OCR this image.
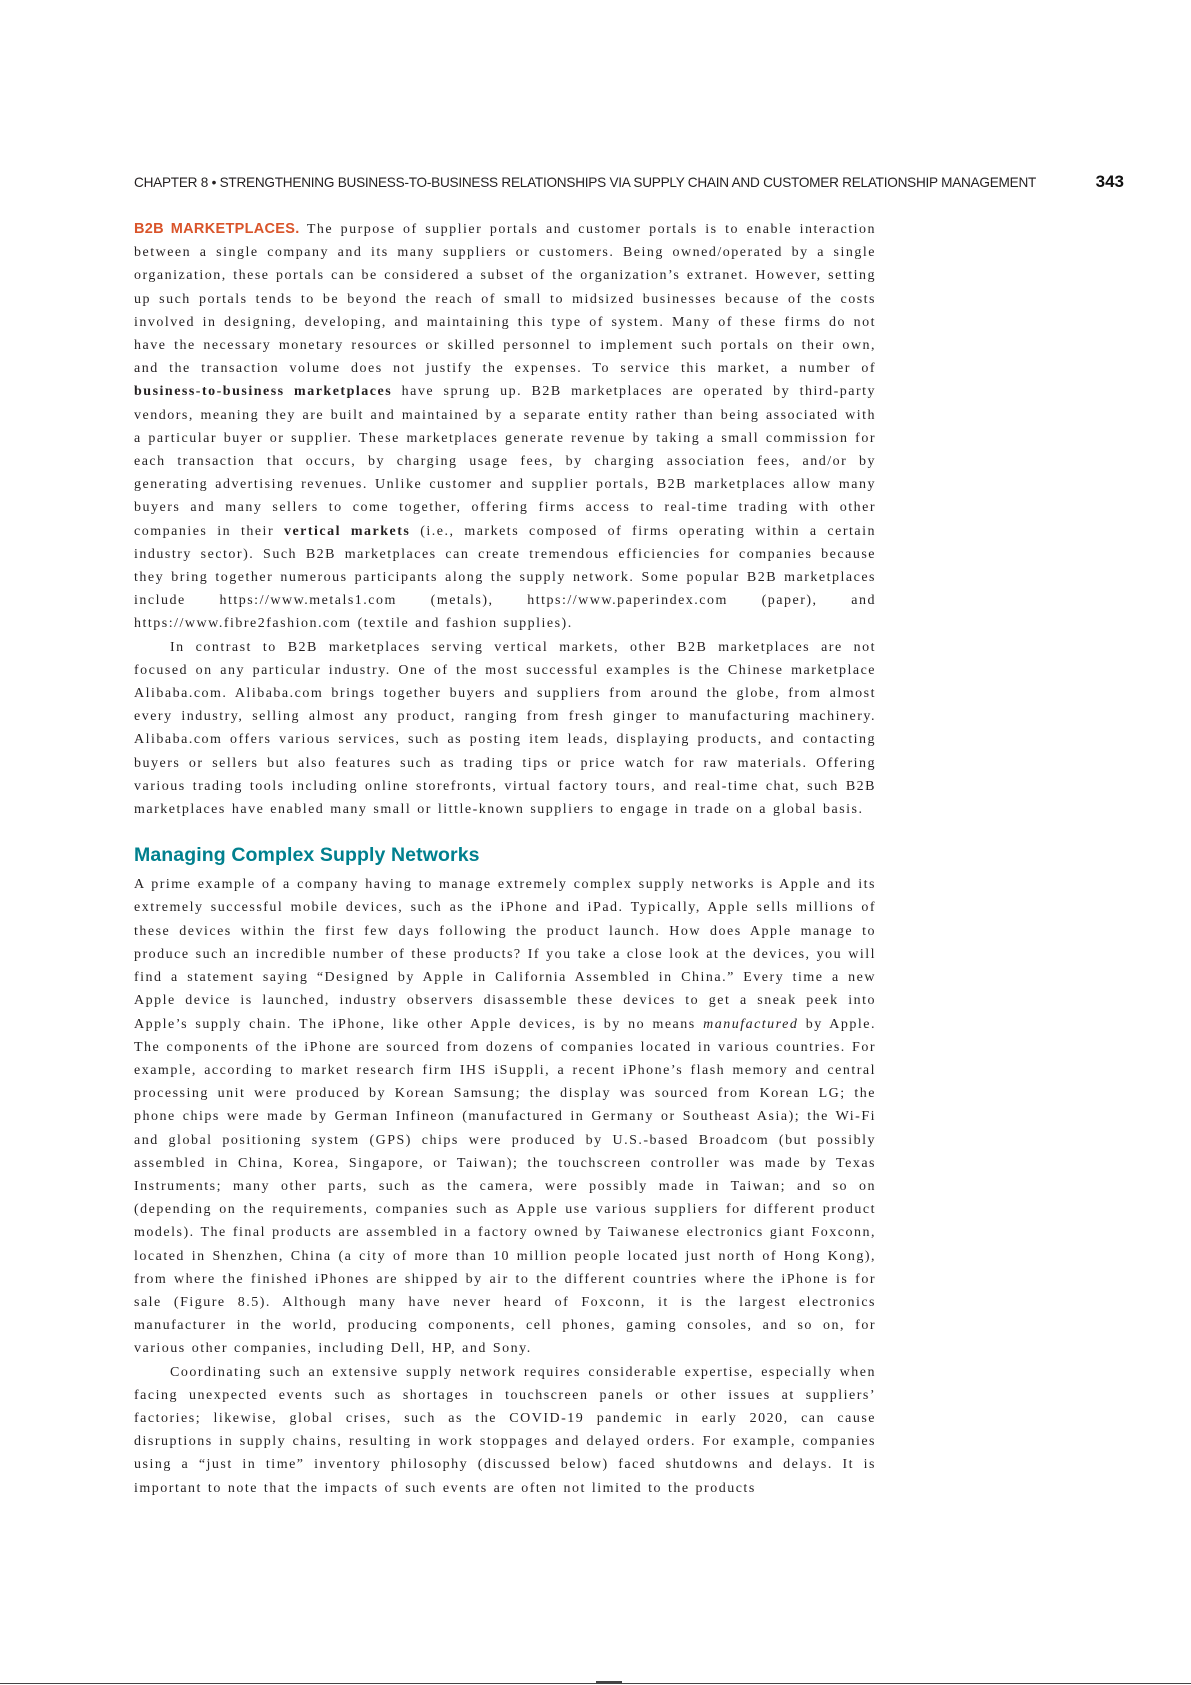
CHAPTER 8 • STRENGTHENING BUSINESS-TO-BUSINESS RELATIONSHIPS VIA SUPPLY CHAIN AND CUSTOMER RELATIONSHIP MANAGEMENT	343

B2B MARKETPLACES. The purpose of supplier portals and customer portals is to enable interaction between a single company and its many suppliers or customers. Being owned/operated by a single organization, these portals can be considered a subset of the organization’s extranet. However, setting up such portals tends to be beyond the reach of small to midsized businesses because of the costs involved in designing, developing, and maintaining this type of system. Many of these firms do not have the necessary monetary resources or skilled personnel to implement such portals on their own, and the transaction volume does not justify the expenses. To service this market, a number of business-to-business marketplaces have sprung up. B2B marketplaces are operated by third-party vendors, meaning they are built and maintained by a separate entity rather than being associated with a particular buyer or supplier. These marketplaces generate revenue by taking a small commission for each transaction that occurs, by charging usage fees, by charging association fees, and/or by generating advertising revenues. Unlike customer and supplier portals, B2B marketplaces allow many buyers and many sellers to come together, offering firms access to real-time trading with other companies in their vertical markets (i.e., markets composed of firms operating within a certain industry sector). Such B2B marketplaces can create tremendous efficiencies for companies because they bring together numerous participants along the supply network. Some popular B2B marketplaces include https://www.metals1.com (metals), https://www.paperindex.com (paper), and https://www.fibre2fashion.com (textile and fashion supplies).

In contrast to B2B marketplaces serving vertical markets, other B2B marketplaces are not focused on any particular industry. One of the most successful examples is the Chinese marketplace Alibaba.com. Alibaba.com brings together buyers and suppliers from around the globe, from almost every industry, selling almost any product, ranging from fresh ginger to manufacturing machinery. Alibaba.com offers various services, such as posting item leads, displaying products, and contacting buyers or sellers but also features such as trading tips or price watch for raw materials. Offering various trading tools including online storefronts, virtual factory tours, and real-time chat, such B2B marketplaces have enabled many small or little-known suppliers to engage in trade on a global basis.

Managing Complex Supply Networks

A prime example of a company having to manage extremely complex supply networks is Apple and its extremely successful mobile devices, such as the iPhone and iPad. Typically, Apple sells millions of these devices within the first few days following the product launch. How does Apple manage to produce such an incredible number of these products? If you take a close look at the devices, you will find a statement saying “Designed by Apple in California Assembled in China.” Every time a new Apple device is launched, industry observers disassemble these devices to get a sneak peek into Apple’s supply chain. The iPhone, like other Apple devices, is by no means manufactured by Apple. The components of the iPhone are sourced from dozens of companies located in various countries. For example, according to market research firm IHS iSuppli, a recent iPhone’s flash memory and central processing unit were produced by Korean Samsung; the display was sourced from Korean LG; the phone chips were made by German Infineon (manufactured in Germany or Southeast Asia); the Wi-Fi and global positioning system (GPS) chips were produced by U.S.-based Broadcom (but possibly assembled in China, Korea, Singapore, or Taiwan); the touchscreen controller was made by Texas Instruments; many other parts, such as the camera, were possibly made in Taiwan; and so on (depending on the requirements, companies such as Apple use various suppliers for different product models). The final products are assembled in a factory owned by Taiwanese electronics giant Foxconn, located in Shenzhen, China (a city of more than 10 million people located just north of Hong Kong), from where the finished iPhones are shipped by air to the different countries where the iPhone is for sale (Figure 8.5). Although many have never heard of Foxconn, it is the largest electronics manufacturer in the world, producing components, cell phones, gaming consoles, and so on, for various other companies, including Dell, HP, and Sony.

Coordinating such an extensive supply network requires considerable expertise, especially when facing unexpected events such as shortages in touchscreen panels or other issues at suppliers’ factories; likewise, global crises, such as the COVID-19 pandemic in early 2020, can cause disruptions in supply chains, resulting in work stoppages and delayed orders. For example, companies using a “just in time” inventory philosophy (discussed below) faced shutdowns and delays. It is important to note that the impacts of such events are often not limited to the products
